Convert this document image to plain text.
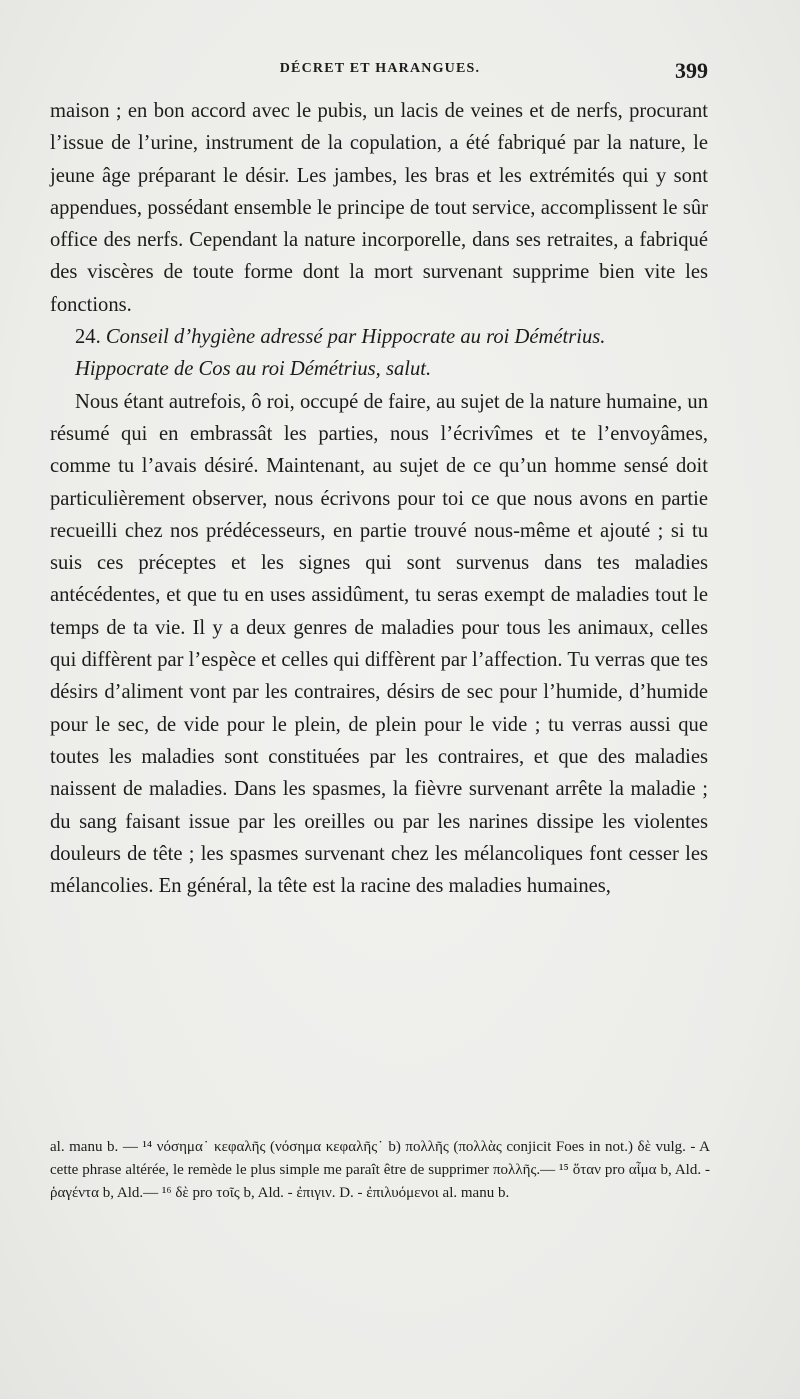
DÉCRET ET HARANGUES.	399

maison ; en bon accord avec le pubis, un lacis de veines et de nerfs, procurant l’issue de l’urine, instrument de la copulation, a été fabriqué par la nature, le jeune âge préparant le désir. Les jambes, les bras et les extrémités qui y sont appendues, possédant ensemble le principe de tout service, accomplissent le sûr office des nerfs. Cependant la nature incorporelle, dans ses retraites, a fabriqué des viscères de toute forme dont la mort survenant supprime bien vite les fonctions.

24. Conseil d’hygiène adressé par Hippocrate au roi Démétrius.

Hippocrate de Cos au roi Démétrius, salut.

Nous étant autrefois, ô roi, occupé de faire, au sujet de la nature humaine, un résumé qui en embrassât les parties, nous l’écrivîmes et te l’envoyâmes, comme tu l’avais désiré. Maintenant, au sujet de ce qu’un homme sensé doit particulièrement observer, nous écrivons pour toi ce que nous avons en partie recueilli chez nos prédécesseurs, en partie trouvé nous-même et ajouté ; si tu suis ces préceptes et les signes qui sont survenus dans tes maladies antécédentes, et que tu en uses assidûment, tu seras exempt de maladies tout le temps de ta vie. Il y a deux genres de maladies pour tous les animaux, celles qui diffèrent par l’espèce et celles qui diffèrent par l’affection. Tu verras que tes désirs d’aliment vont par les contraires, désirs de sec pour l’humide, d’humide pour le sec, de vide pour le plein, de plein pour le vide ; tu verras aussi que toutes les maladies sont constituées par les contraires, et que des maladies naissent de maladies. Dans les spasmes, la fièvre survenant arrête la maladie ; du sang faisant issue par les oreilles ou par les narines dissipe les violentes douleurs de tête ; les spasmes survenant chez les mélancoliques font cesser les mélancolies. En général, la tête est la racine des maladies humaines,

al. manu b. — ¹⁴ νόσημα˙ κεφαλῆς (νόσημα κεφαλῆς˙ b) πολλῆς (πολλὰς conjicit Foes in not.) δὲ vulg. - A cette phrase altérée, le remède le plus simple me paraît être de supprimer πολλῆς.— ¹⁵ ὅταν pro αἷμα b, Ald. - ῥαγέντα b, Ald.— ¹⁶ δὲ pro τοῖς b, Ald. - ἐπιγιν. D. - ἐπιλυόμενοι al. manu b.
